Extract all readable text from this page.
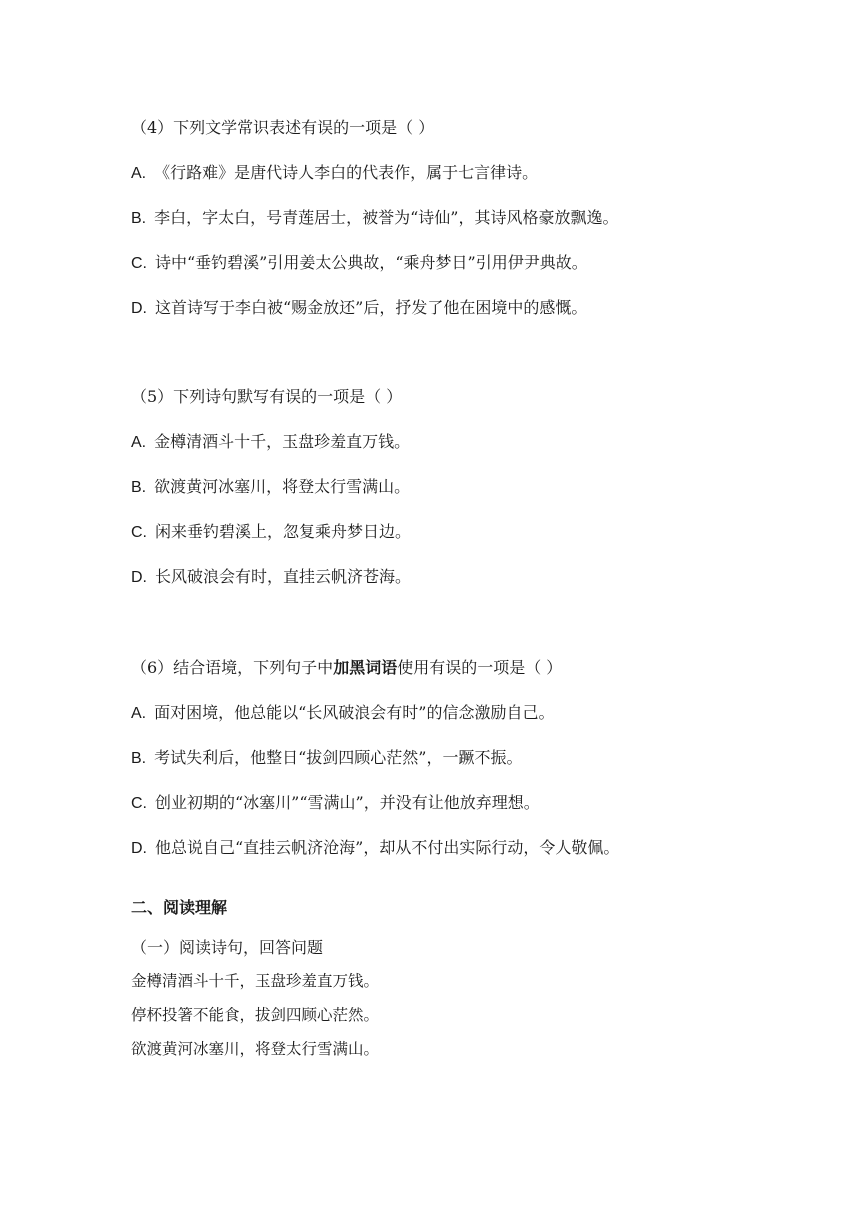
（4）下列文学常识表述有误的一项是（ ）
A. 《行路难》是唐代诗人李白的代表作，属于七言律诗。
B. 李白，字太白，号青莲居士，被誉为“诗仙”，其诗风格豪放飘逸。
C. 诗中“垂钓碧溪”引用姜太公典故，“乘舟梦日”引用伊尹典故。
D. 这首诗写于李白被“赐金放还”后，抒发了他在困境中的感慨。
（5）下列诗句默写有误的一项是（ ）
A. 金樽清酒斗十千，玉盘珍羞直万钱。
B. 欲渡黄河冰塞川，将登太行雪满山。
C. 闲来垂钓碧溪上，忽复乘舟梦日边。
D. 长风破浪会有时，直挂云帆济苍海。
（6）结合语境，下列句子中加黑词语使用有误的一项是（ ）
A. 面对困境，他总能以“长风破浪会有时”的信念激励自己。
B. 考试失利后，他整日“拔剑四顾心茫然”，一蹶不振。
C. 创业初期的“冰塞川”“雪满山”，并没有让他放弃理想。
D. 他总说自己“直挂云帆济沧海”，却从不付出实际行动，令人敬佩。
二、阅读理解
（一）阅读诗句，回答问题
金樽清酒斗十千，玉盘珍羞直万钱。
停杯投箸不能食，拔剑四顾心茫然。
欲渡黄河冰塞川，将登太行雪满山。
